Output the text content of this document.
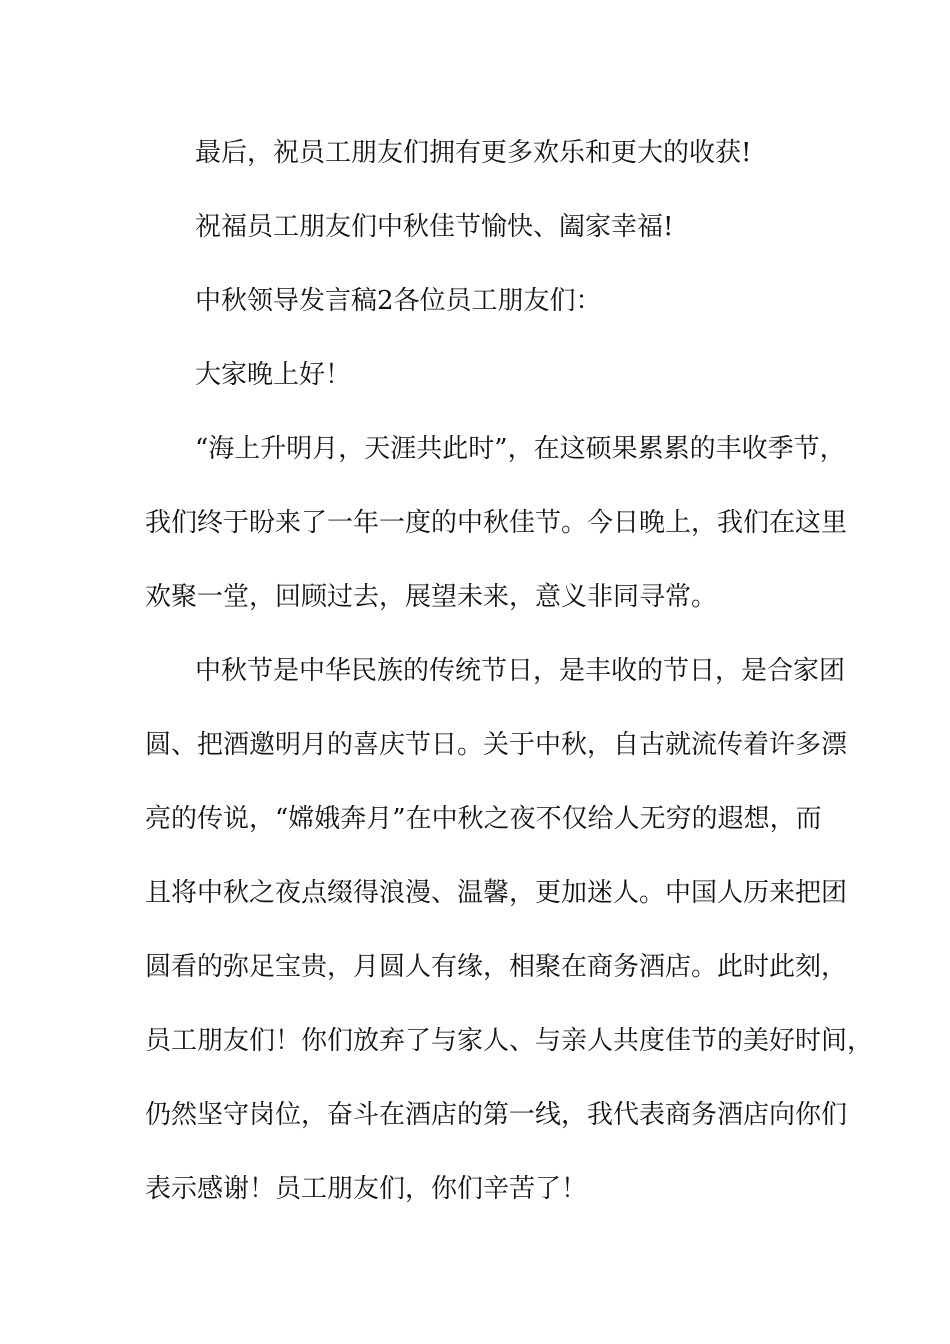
最后，祝员工朋友们拥有更多欢乐和更大的收获!
祝福员工朋友们中秋佳节愉快、阖家幸福!
中秋领导发言稿2各位员工朋友们：
大家晚上好！
“海上升明月，天涯共此时”，在这硕果累累的丰收季节，
我们终于盼来了一年一度的中秋佳节。今日晚上，我们在这里
欢聚一堂，回顾过去，展望未来，意义非同寻常。
中秋节是中华民族的传统节日，是丰收的节日，是合家团
圆、把酒邀明月的喜庆节日。关于中秋，自古就流传着许多漂
亮的传说，“嫦娥奔月”在中秋之夜不仅给人无穷的遐想，而
且将中秋之夜点缀得浪漫、温馨，更加迷人。中国人历来把团
圆看的弥足宝贵，月圆人有缘，相聚在商务酒店。此时此刻，
员工朋友们！你们放弃了与家人、与亲人共度佳节的美好时间，
仍然坚守岗位，奋斗在酒店的第一线，我代表商务酒店向你们
表示感谢！员工朋友们，你们辛苦了！
